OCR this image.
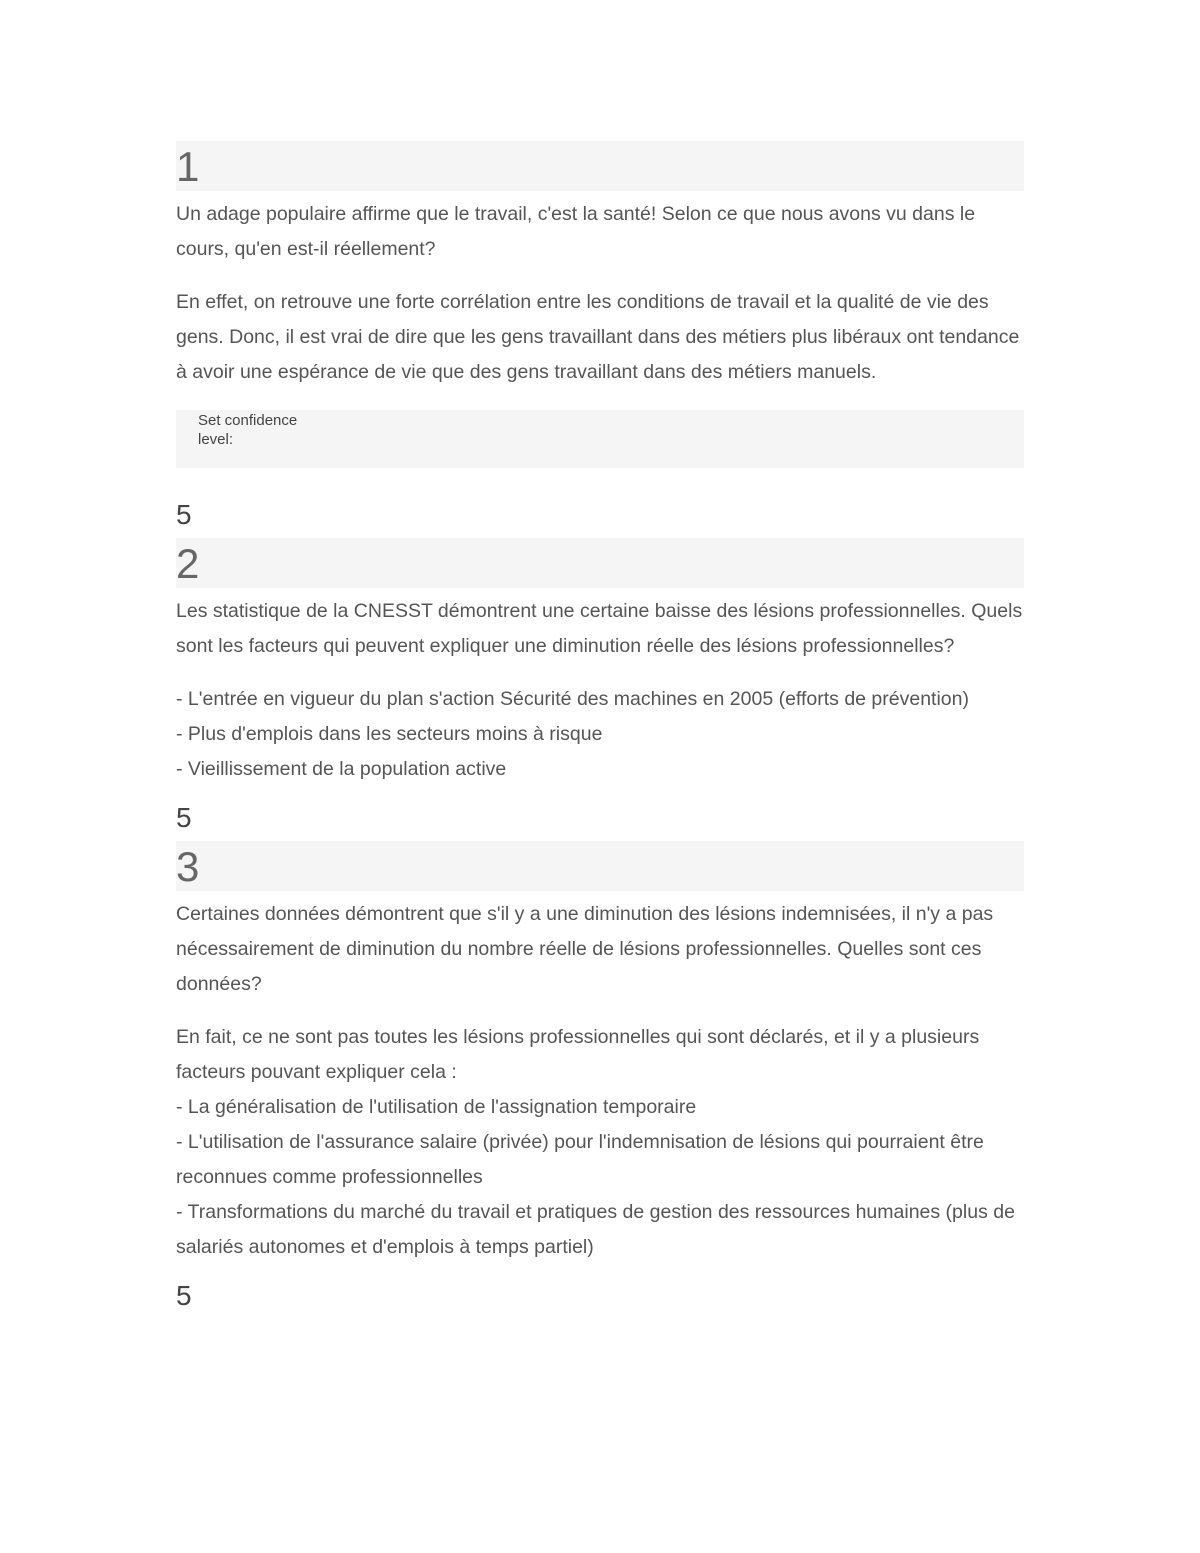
1

Un adage populaire affirme que le travail, c'est la santé! Selon ce que nous avons vu dans le cours, qu'en est-il réellement?

En effet, on retrouve une forte corrélation entre les conditions de travail et la qualité de vie des gens. Donc, il est vrai de dire que les gens travaillant dans des métiers plus libéraux ont tendance à avoir une espérance de vie que des gens travaillant dans des métiers manuels.

Set confidence level:
5
2

Les statistique de la CNESST démontrent une certaine baisse des lésions professionnelles. Quels sont les facteurs qui peuvent expliquer une diminution réelle des lésions professionnelles?

- L'entrée en vigueur du plan s'action Sécurité des machines en 2005 (efforts de prévention)
- Plus d'emplois dans les secteurs moins à risque
- Vieillissement de la population active

5
3

Certaines données démontrent que s'il y a une diminution des lésions indemnisées, il n'y a pas nécessairement de diminution du nombre réelle de lésions professionnelles. Quelles sont ces données?

En fait, ce ne sont pas toutes les lésions professionnelles qui sont déclarés, et il y a plusieurs facteurs pouvant expliquer cela :
- La généralisation de l'utilisation de l'assignation temporaire
- L'utilisation de l'assurance salaire (privée) pour l'indemnisation de lésions qui pourraient être reconnues comme professionnelles
- Transformations du marché du travail et pratiques de gestion des ressources humaines (plus de salariés autonomes et d'emplois à temps partiel)

5
